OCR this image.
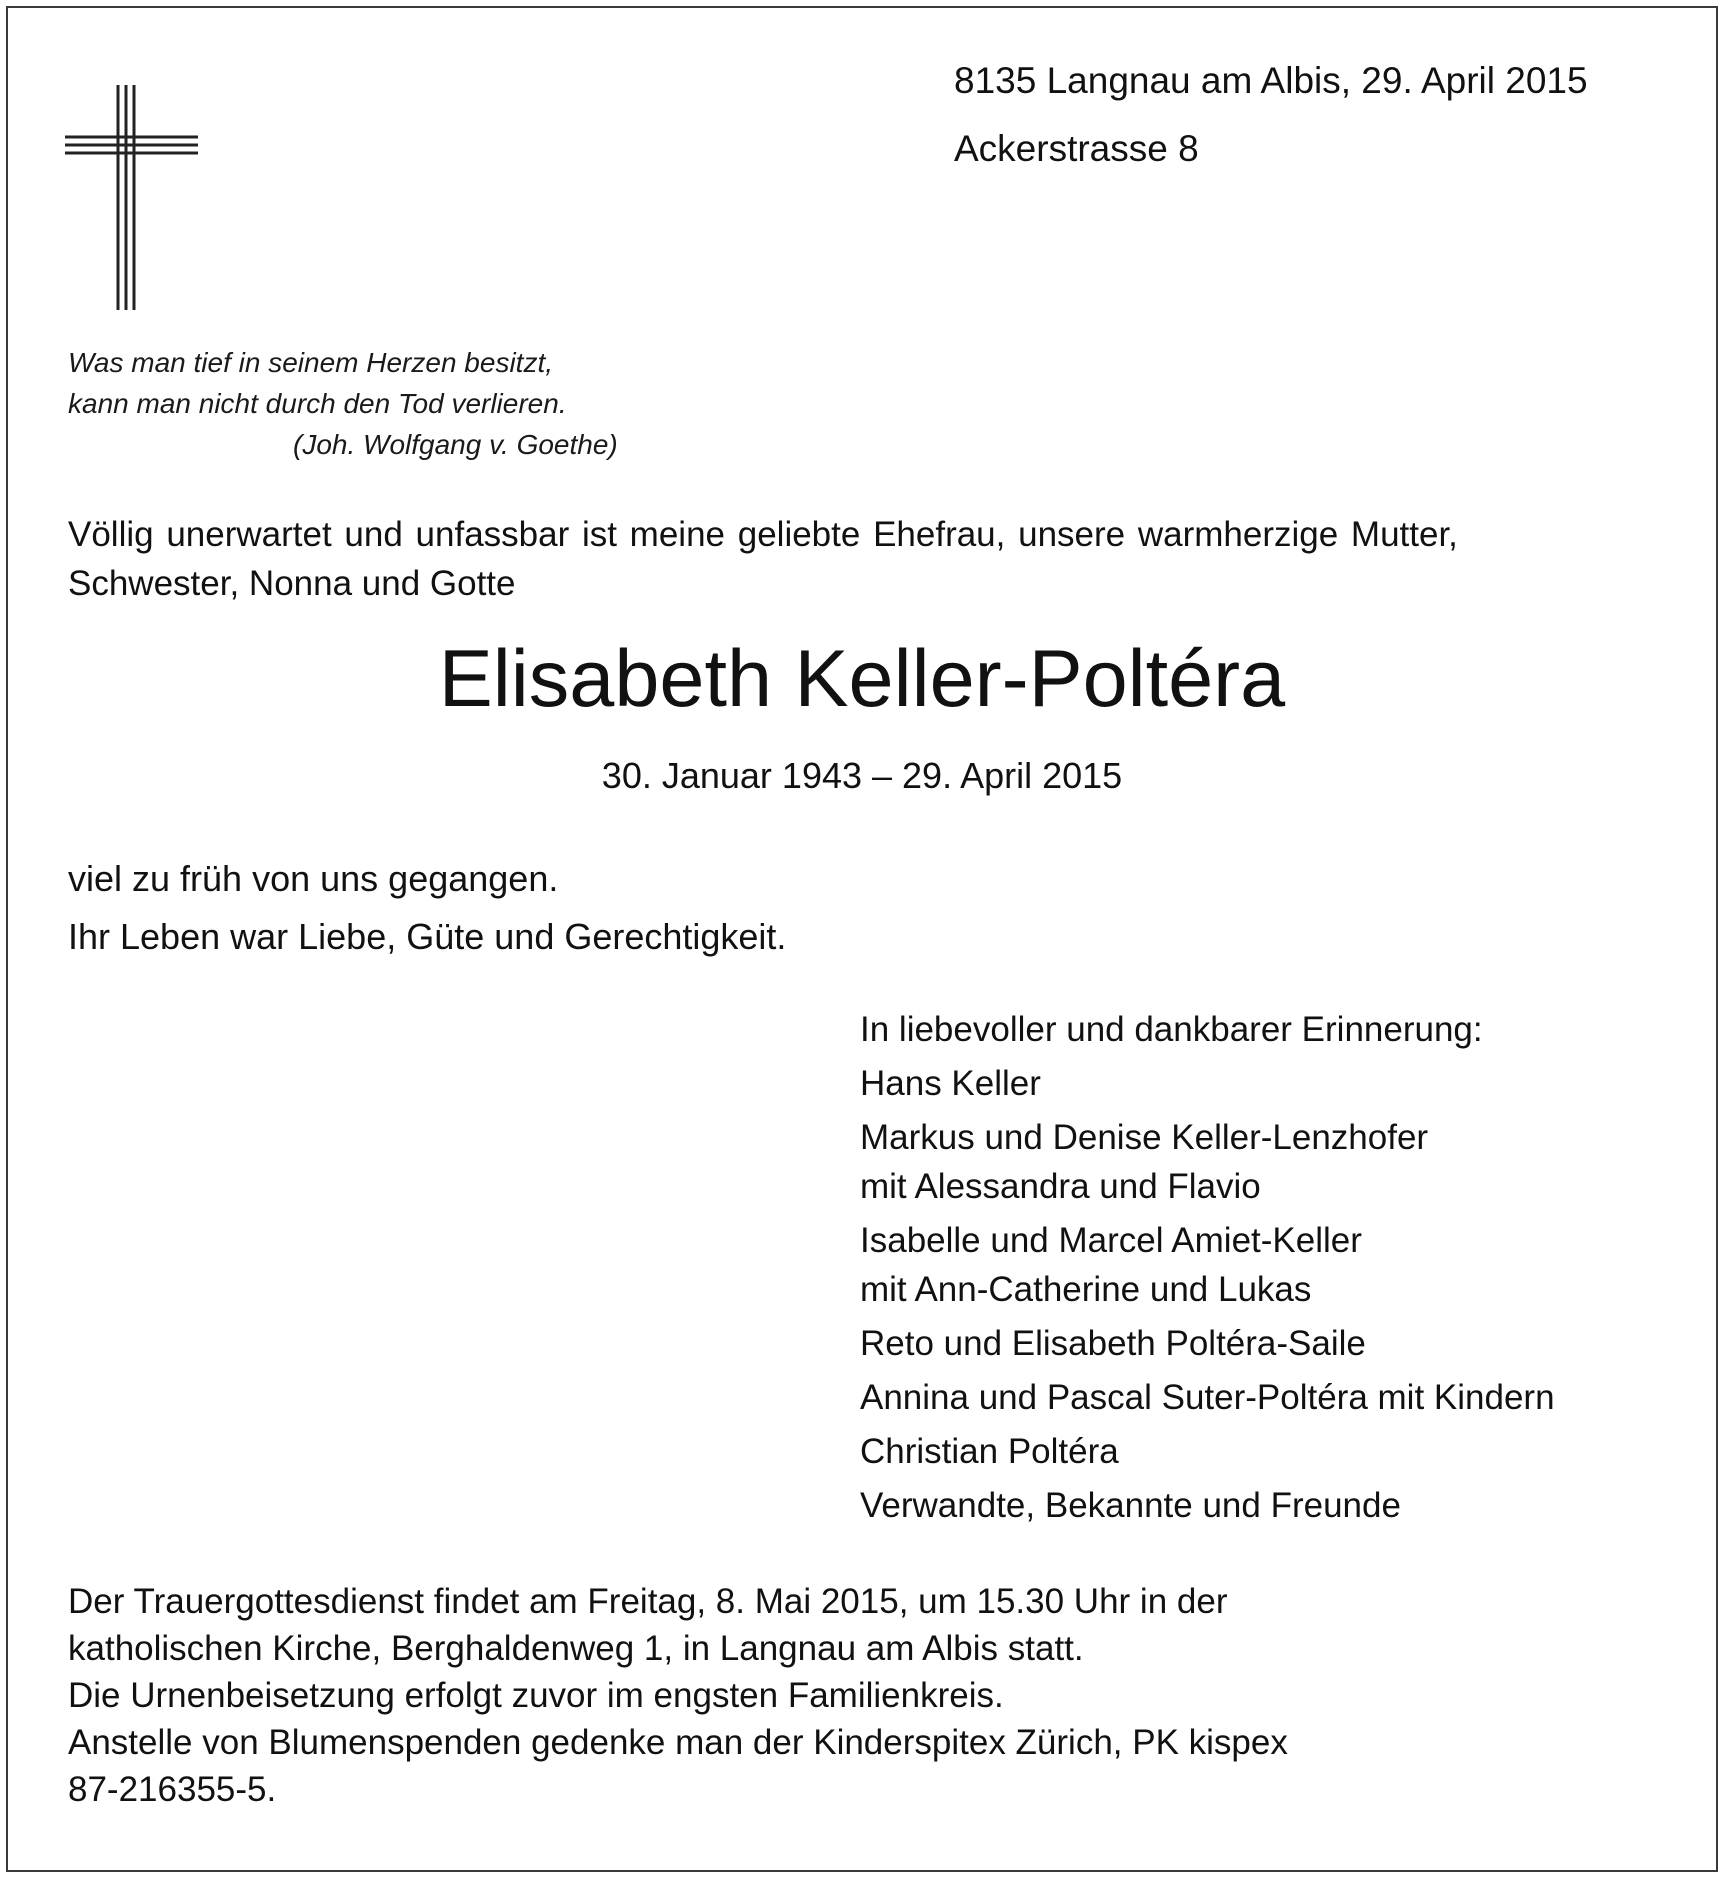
8135 Langnau am Albis, 29. April 2015
Ackerstrasse 8
Was man tief in seinem Herzen besitzt,
kann man nicht durch den Tod verlieren.
(Joh. Wolfgang v. Goethe)
Völlig unerwartet und unfassbar ist meine geliebte Ehefrau, unsere warmherzige Mutter,
Schwester, Nonna und Gotte
Elisabeth Keller-Poltéra
30. Januar 1943 – 29. April 2015
viel zu früh von uns gegangen.
Ihr Leben war Liebe, Güte und Gerechtigkeit.
In liebevoller und dankbarer Erinnerung:
Hans Keller
Markus und Denise Keller-Lenzhofer
mit Alessandra und Flavio
Isabelle und Marcel Amiet-Keller
mit Ann-Catherine und Lukas
Reto und Elisabeth Poltéra-Saile
Annina und Pascal Suter-Poltéra mit Kindern
Christian Poltéra
Verwandte, Bekannte und Freunde
Der Trauergottesdienst findet am Freitag, 8. Mai 2015, um 15.30 Uhr in der
katholischen Kirche, Berghaldenweg 1, in Langnau am Albis statt.
Die Urnenbeisetzung erfolgt zuvor im engsten Familienkreis.
Anstelle von Blumenspenden gedenke man der Kinderspitex Zürich, PK kispex
87-216355-5.
